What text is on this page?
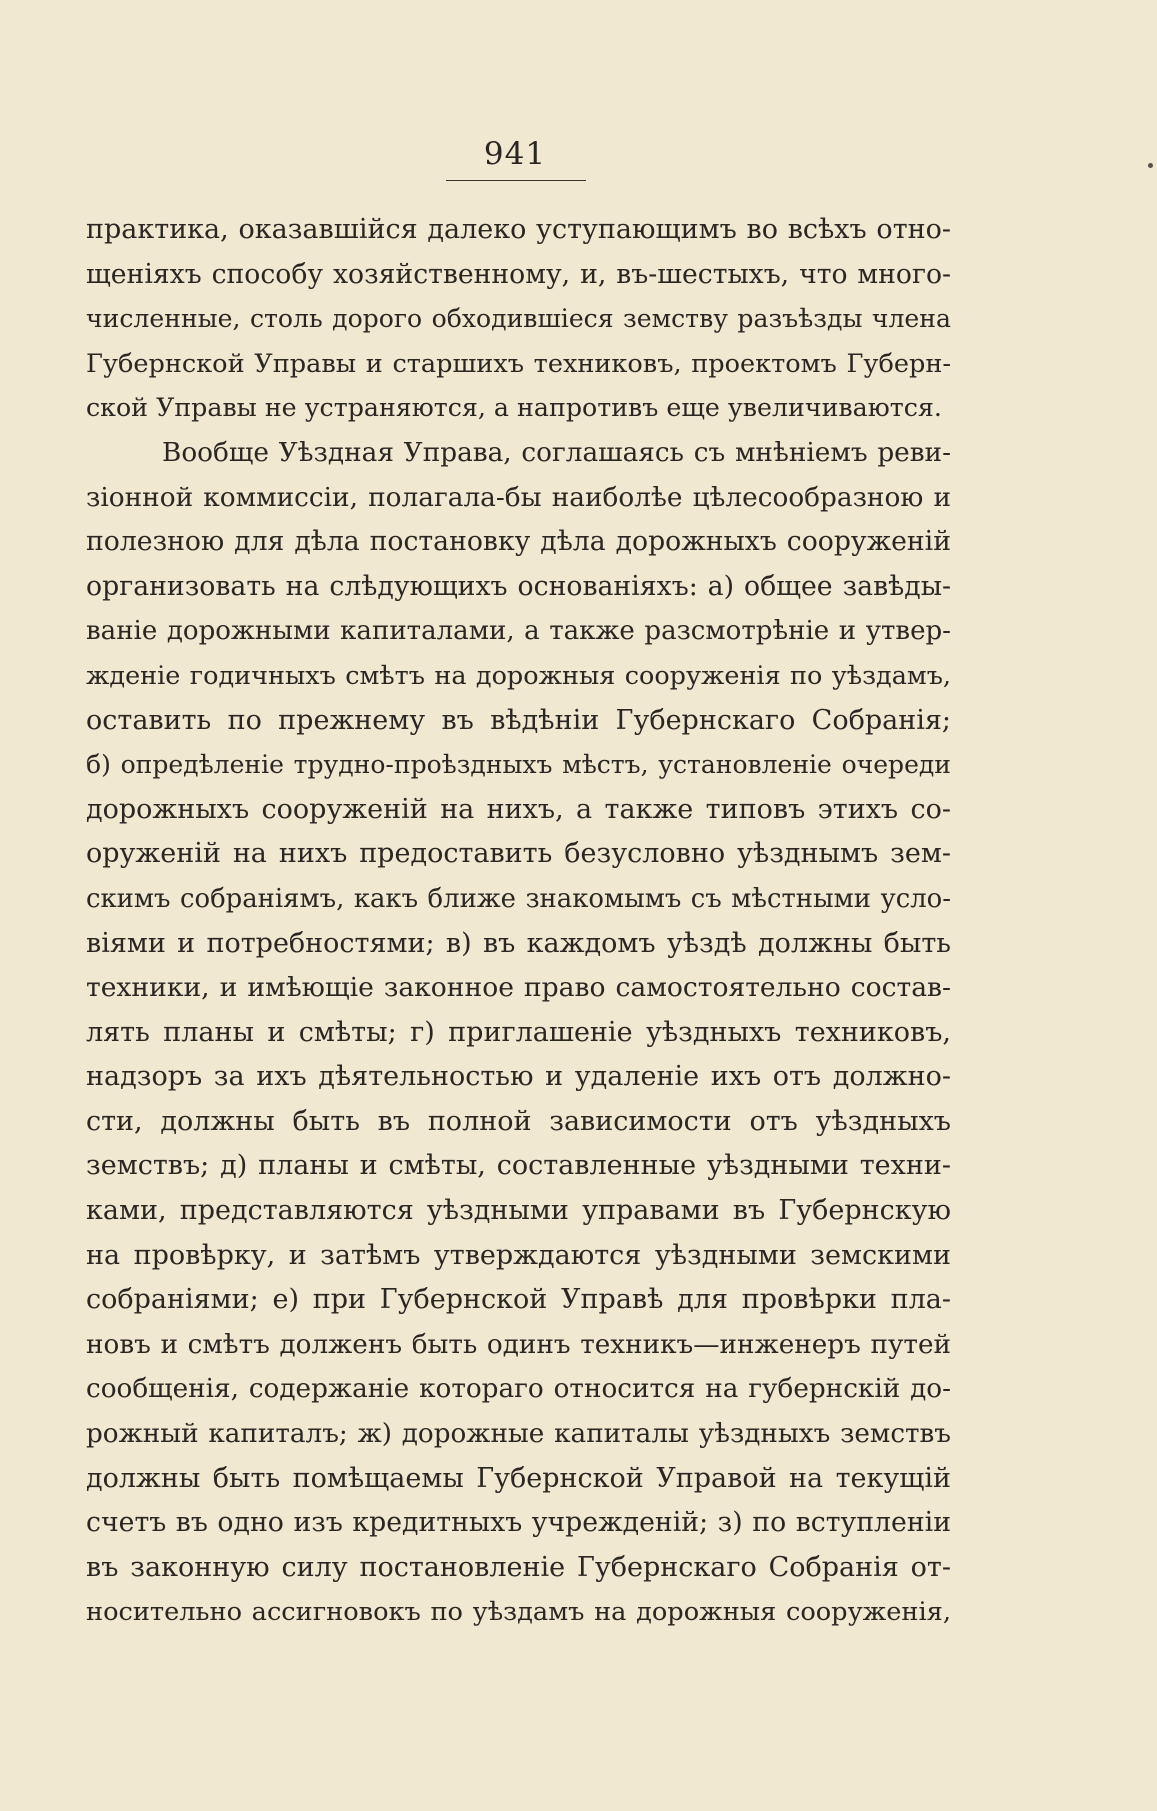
941
практика, оказавшійся далеко уступающимъ во всѣхъ отно-
щеніяхъ способу хозяйственному, и, въ-шестыхъ, что много-
численные, столь дорого обходившіеся земству разъѣзды члена
Губернской Управы и старшихъ техниковъ, проектомъ Губерн-
ской Управы не устраняются, а напротивъ еще увеличиваются.
Вообще Уѣздная Управа, соглашаясь съ мнѣніемъ реви-
зіонной коммиссіи, полагала-бы наиболѣе цѣлесообразною и
полезною для дѣла постановку дѣла дорожныхъ сооруженій
организовать на слѣдующихъ основаніяхъ: а) общее завѣды-
ваніе дорожными капиталами, а также разсмотрѣніе и утвер-
жденіе годичныхъ смѣтъ на дорожныя сооруженія по уѣздамъ,
оставить по прежнему въ вѣдѣніи Губернскаго Собранія;
б) опредѣленіе трудно-проѣздныхъ мѣстъ, установленіе очереди
дорожныхъ сооруженій на нихъ, а также типовъ этихъ со-
оруженій на нихъ предоставить безусловно уѣзднымъ зем-
скимъ собраніямъ, какъ ближе знакомымъ съ мѣстными усло-
віями и потребностями; в) въ каждомъ уѣздѣ должны быть
техники, и имѣющіе законное право самостоятельно состав-
лять планы и смѣты; г) приглашеніе уѣздныхъ техниковъ,
надзоръ за ихъ дѣятельностью и удаленіе ихъ отъ должно-
сти, должны быть въ полной зависимости отъ уѣздныхъ
земствъ; д) планы и смѣты, составленные уѣздными техни-
ками, представляются уѣздными управами въ Губернскую
на провѣрку, и затѣмъ утверждаются уѣздными земскими
собраніями; е) при Губернской Управѣ для провѣрки пла-
новъ и смѣтъ долженъ быть одинъ техникъ—инженеръ путей
сообщенія, содержаніе котораго относится на губернскій до-
рожный капиталъ; ж) дорожные капиталы уѣздныхъ земствъ
должны быть помѣщаемы Губернской Управой на текущій
счетъ въ одно изъ кредитныхъ учрежденій; з) по вступленіи
въ законную силу постановленіе Губернскаго Собранія от-
носительно ассигновокъ по уѣздамъ на дорожныя сооруженія,
